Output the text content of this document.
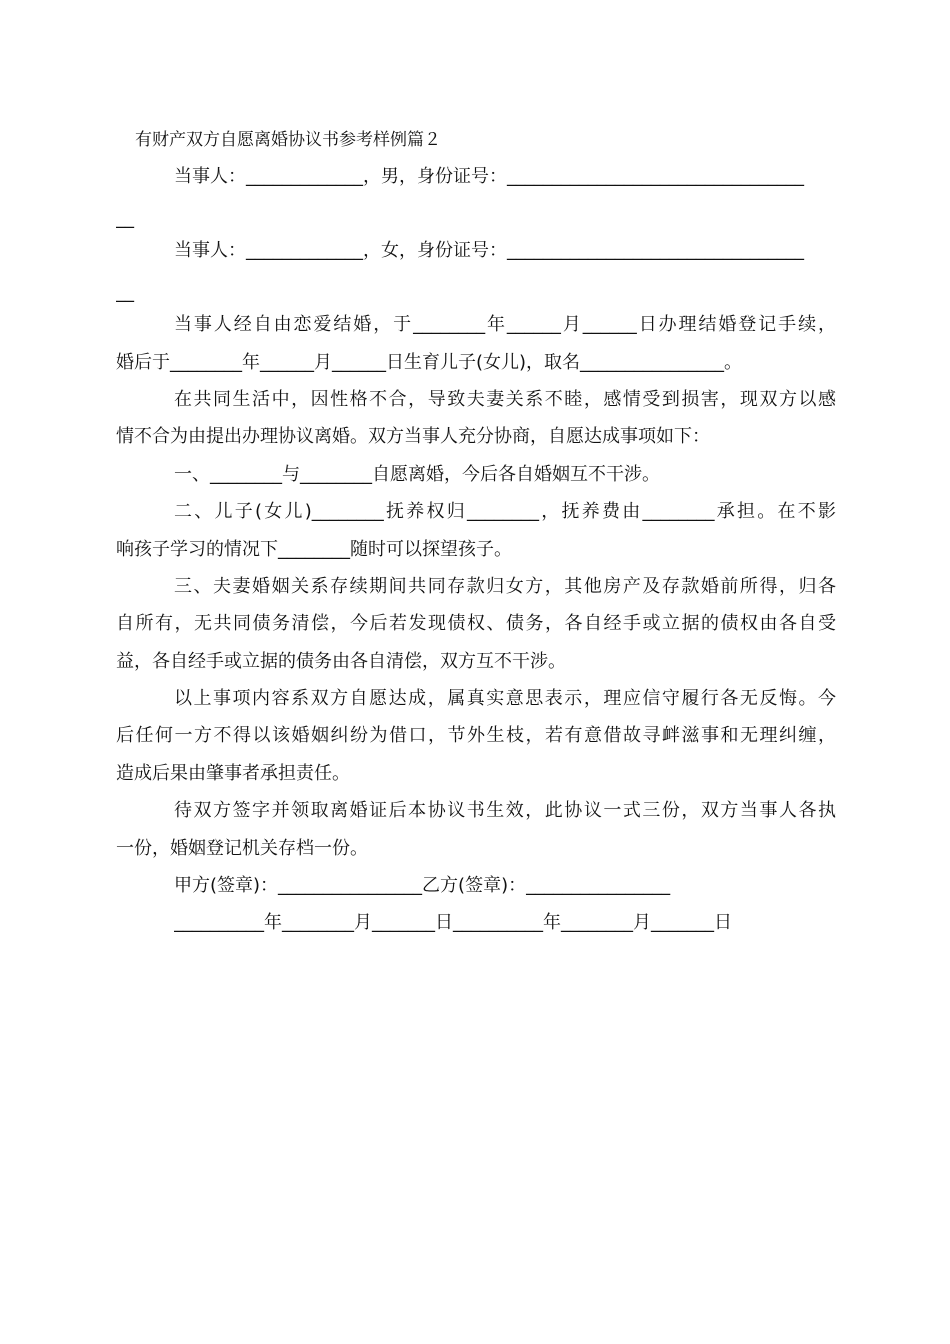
有财产双方自愿离婚协议书参考样例篇２
当事人：_____________，男，身份证号：_________________________________
__
当事人：_____________，女，身份证号：_________________________________
__
当事人经自由恋爱结婚，于________年______月______日办理结婚登记手续，
婚后于________年______月______日生育儿子(女儿)，取名________________。
在共同生活中，因性格不合，导致夫妻关系不睦，感情受到损害，现双方以感
情不合为由提出办理协议离婚。双方当事人充分协商，自愿达成事项如下：
一、________与________自愿离婚，今后各自婚姻互不干涉。
二、儿子(女儿)________抚养权归________，抚养费由________承担。在不影
响孩子学习的情况下________随时可以探望孩子。
三、夫妻婚姻关系存续期间共同存款归女方，其他房产及存款婚前所得，归各
自所有，无共同债务清偿，今后若发现债权、债务，各自经手或立据的债权由各自受
益，各自经手或立据的债务由各自清偿，双方互不干涉。
以上事项内容系双方自愿达成，属真实意思表示，理应信守履行各无反悔。今
后任何一方不得以该婚姻纠纷为借口，节外生枝，若有意借故寻衅滋事和无理纠缠，
造成后果由肇事者承担责任。
待双方签字并领取离婚证后本协议书生效，此协议一式三份，双方当事人各执
一份，婚姻登记机关存档一份。
甲方(签章)：________________乙方(签章)：________________
__________年________月_______日__________年________月_______日
